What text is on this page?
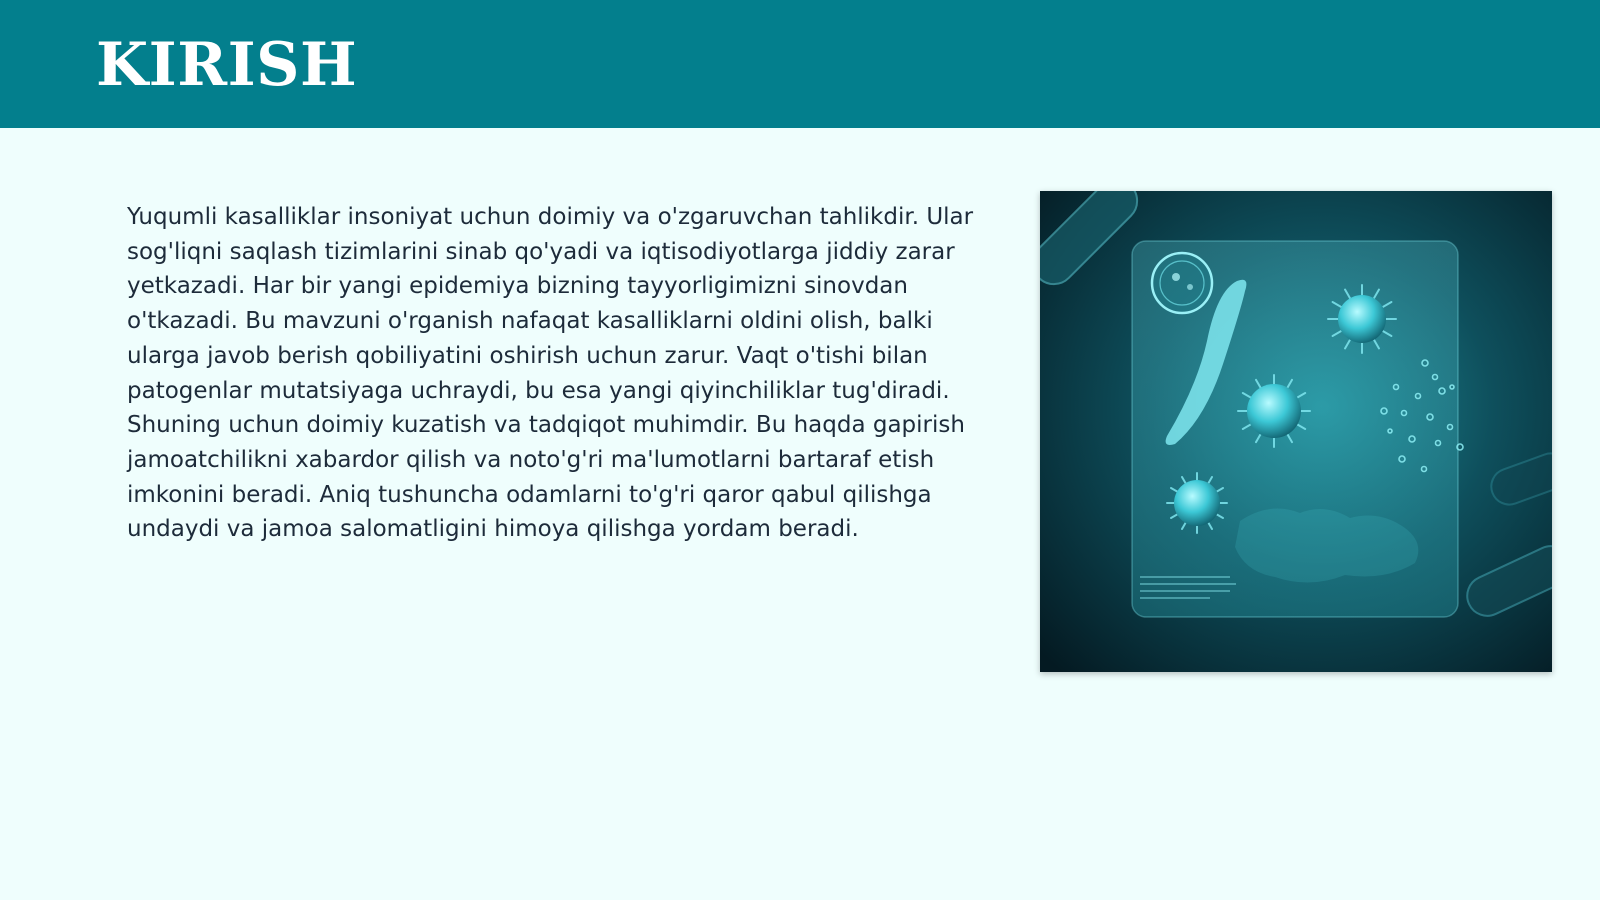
KIRISH

Yuqumli kasalliklar insoniyat uchun doimiy va o'zgaruvchan tahlikdir. Ular sog'liqni saqlash tizimlarini sinab qo'yadi va iqtisodiyotlarga jiddiy zarar yetkazadi. Har bir yangi epidemiya bizning tayyorligimizni sinovdan o'tkazadi. Bu mavzuni o'rganish nafaqat kasalliklarni oldini olish, balki ularga javob berish qobiliyatini oshirish uchun zarur. Vaqt o'tishi bilan patogenlar mutatsiyaga uchraydi, bu esa yangi qiyinchiliklar tug'diradi. Shuning uchun doimiy kuzatish va tadqiqot muhimdir. Bu haqda gapirish jamoatchilikni xabardor qilish va noto'g'ri ma'lumotlarni bartaraf etish imkonini beradi. Aniq tushuncha odamlarni to'g'ri qaror qabul qilishga undaydi va jamoa salomatligini himoya qilishga yordam beradi.
